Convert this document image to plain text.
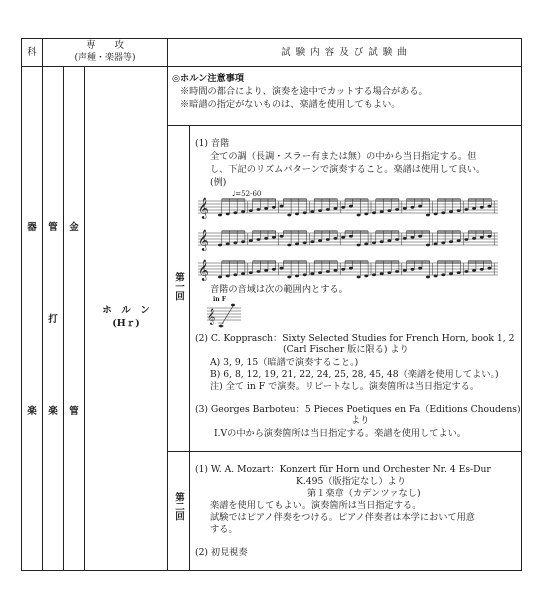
科
専　　攻
(声種・楽器等)	試 験 内 容 及 び 試 験 曲
器
楽
管
打
楽
金
管
ホ　ル　ン
(Hｒ)
◎ホルン注意事項
※時間の都合により、演奏を途中でカットする場合がある。
※暗譜の指定がないものは、楽譜を使用してもよい。
第一回
第二回
(1) 音階
全ての調（長調・スラー有または無）の中から当日指定する。但
し、下記のリズムパターンで演奏すること。楽譜は使用して良い。
(例)
♩=52-60
𝄞
𝄞
𝄞
音階の音域は次の範囲内とする。
in F
𝄞
(2) C. Kopprasch：Sixty Selected Studies for French Horn, book 1, 2
(Carl Fischer 版に限る) より
A) 3, 9, 15（暗譜で演奏すること。)
B) 6, 8, 12, 19, 21, 22, 24, 25, 28, 45, 48（楽譜を使用してよい。)
注) 全て in F で演奏。リピートなし。演奏箇所は当日指定する。
(3) Georges Barboteu：5 Pieces Poetiques en Fa（Editions Choudens)
より
Ⅰ.Ⅴの中から演奏箇所は当日指定する。楽譜を使用してよい。
(1) W. A. Mozart：Konzert für Horn und Orchester Nr. 4 Es-Dur
K.495（版指定なし）より
第１楽章（カデンツァなし)
楽譜を使用してもよい。演奏箇所は当日指定する。
試験ではピアノ伴奏をつける。ピアノ伴奏者は本学において用意
する。
(2) 初見視奏
